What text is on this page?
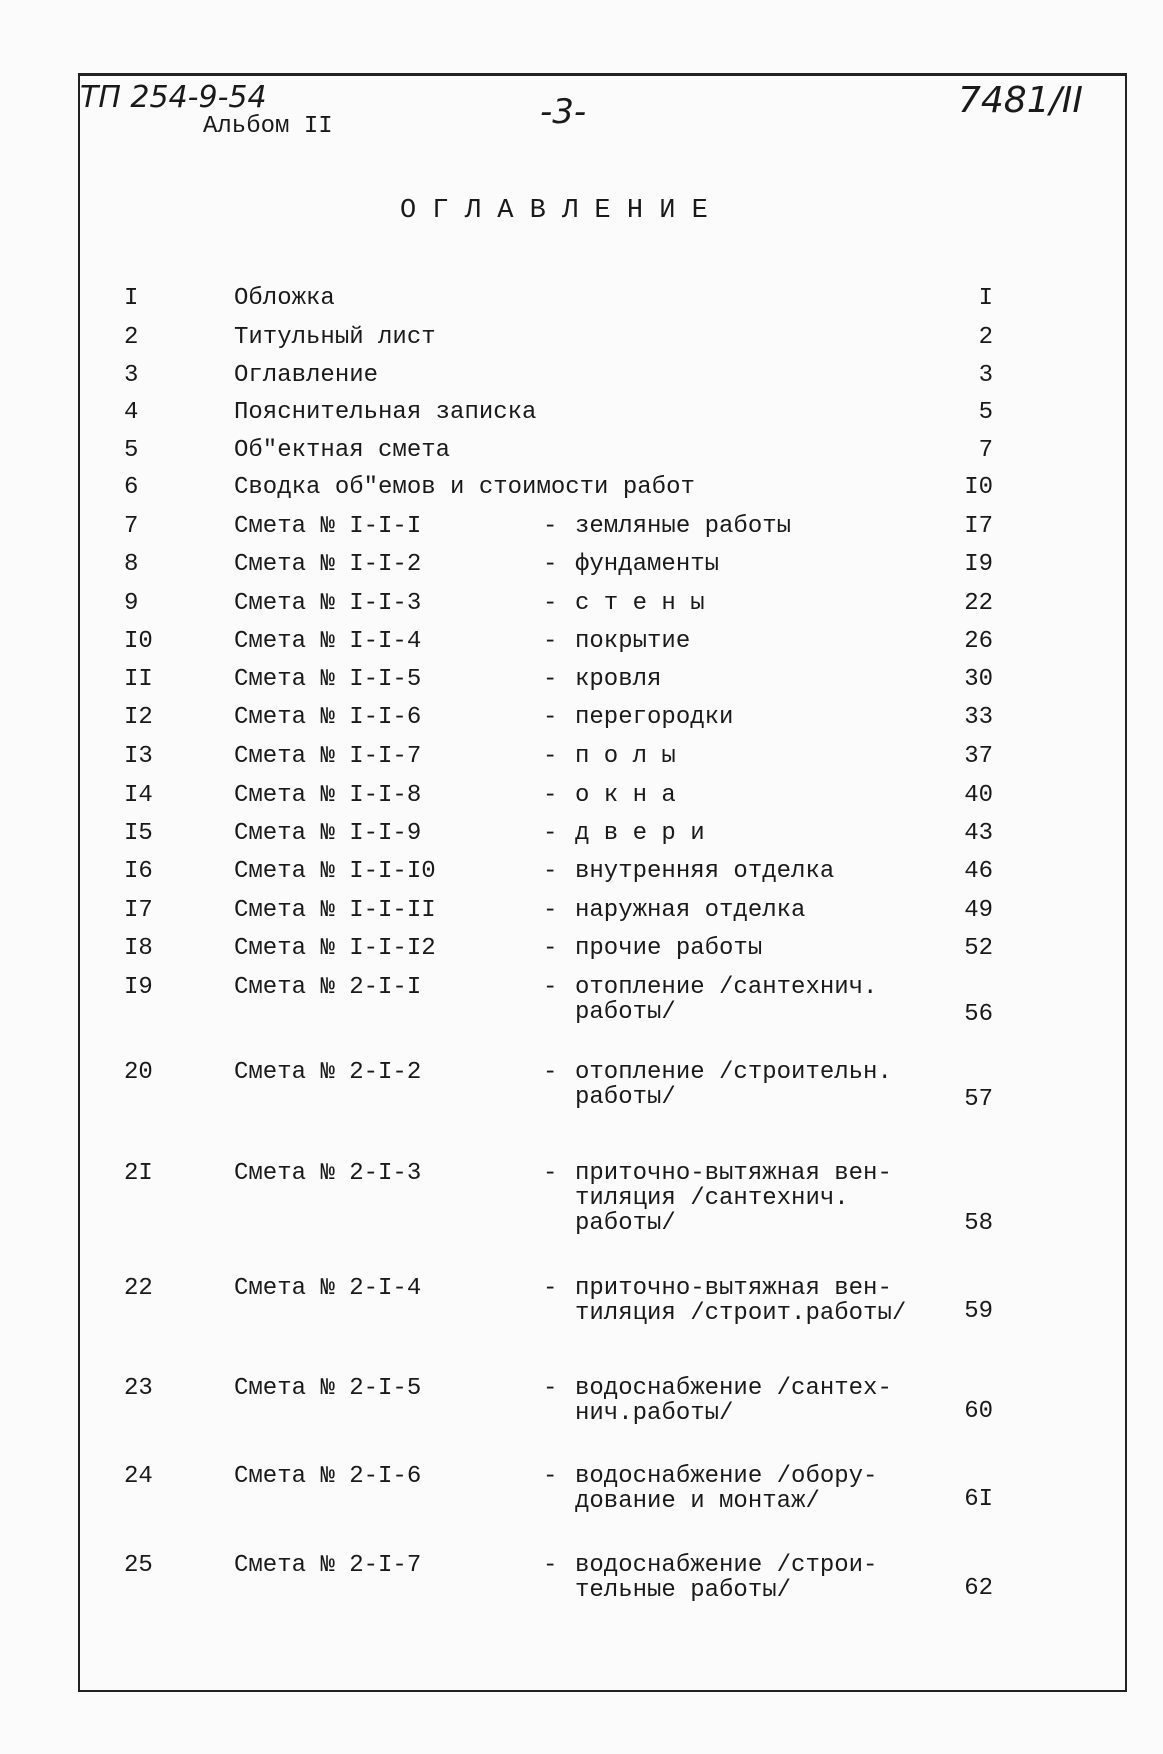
ТП 254-9-54
Альбом II	-3-	7481/II
О Г Л А В Л Е Н И Е
I	Обложка	I
2	Титульный лист	2
3	Оглавление	3
4	Пояснительная записка	5
5	Об"ектная смета	7
6	Сводка об"емов и стоимости работ	I0
7	Смета № I-I-I	- земляные работы	I7
8	Смета № I-I-2	- фундаменты	I9
9	Смета № I-I-3	- с т е н ы	22
I0	Смета № I-I-4	- покрытие	26
II	Смета № I-I-5	- кровля	30
I2	Смета № I-I-6	- перегородки	33
I3	Смета № I-I-7	- п о л ы	37
I4	Смета № I-I-8	- о к н а	40
I5	Смета № I-I-9	- д в е р и	43
I6	Смета № I-I-I0	- внутренняя отделка	46
I7	Смета № I-I-II	- наружная отделка	49
I8	Смета № I-I-I2	- прочие работы	52
I9	Смета № 2-I-I	- отопление /сантехнич.
работы/	56
20	Смета № 2-I-2	- отопление /строительн.
работы/	57
2I	Смета № 2-I-3	- приточно-вытяжная вен-
тиляция /сантехнич.
работы/	58
22	Смета № 2-I-4	- приточно-вытяжная вен-
тиляция /строит.работы/ 59
23	Смета № 2-I-5	- водоснабжение /сантех-
нич.работы/	60
24	Смета № 2-I-6	- водоснабжение /обору-
дование и монтаж/	6I
25	Смета № 2-I-7	- водоснабжение /строи-
тельные работы/	62
